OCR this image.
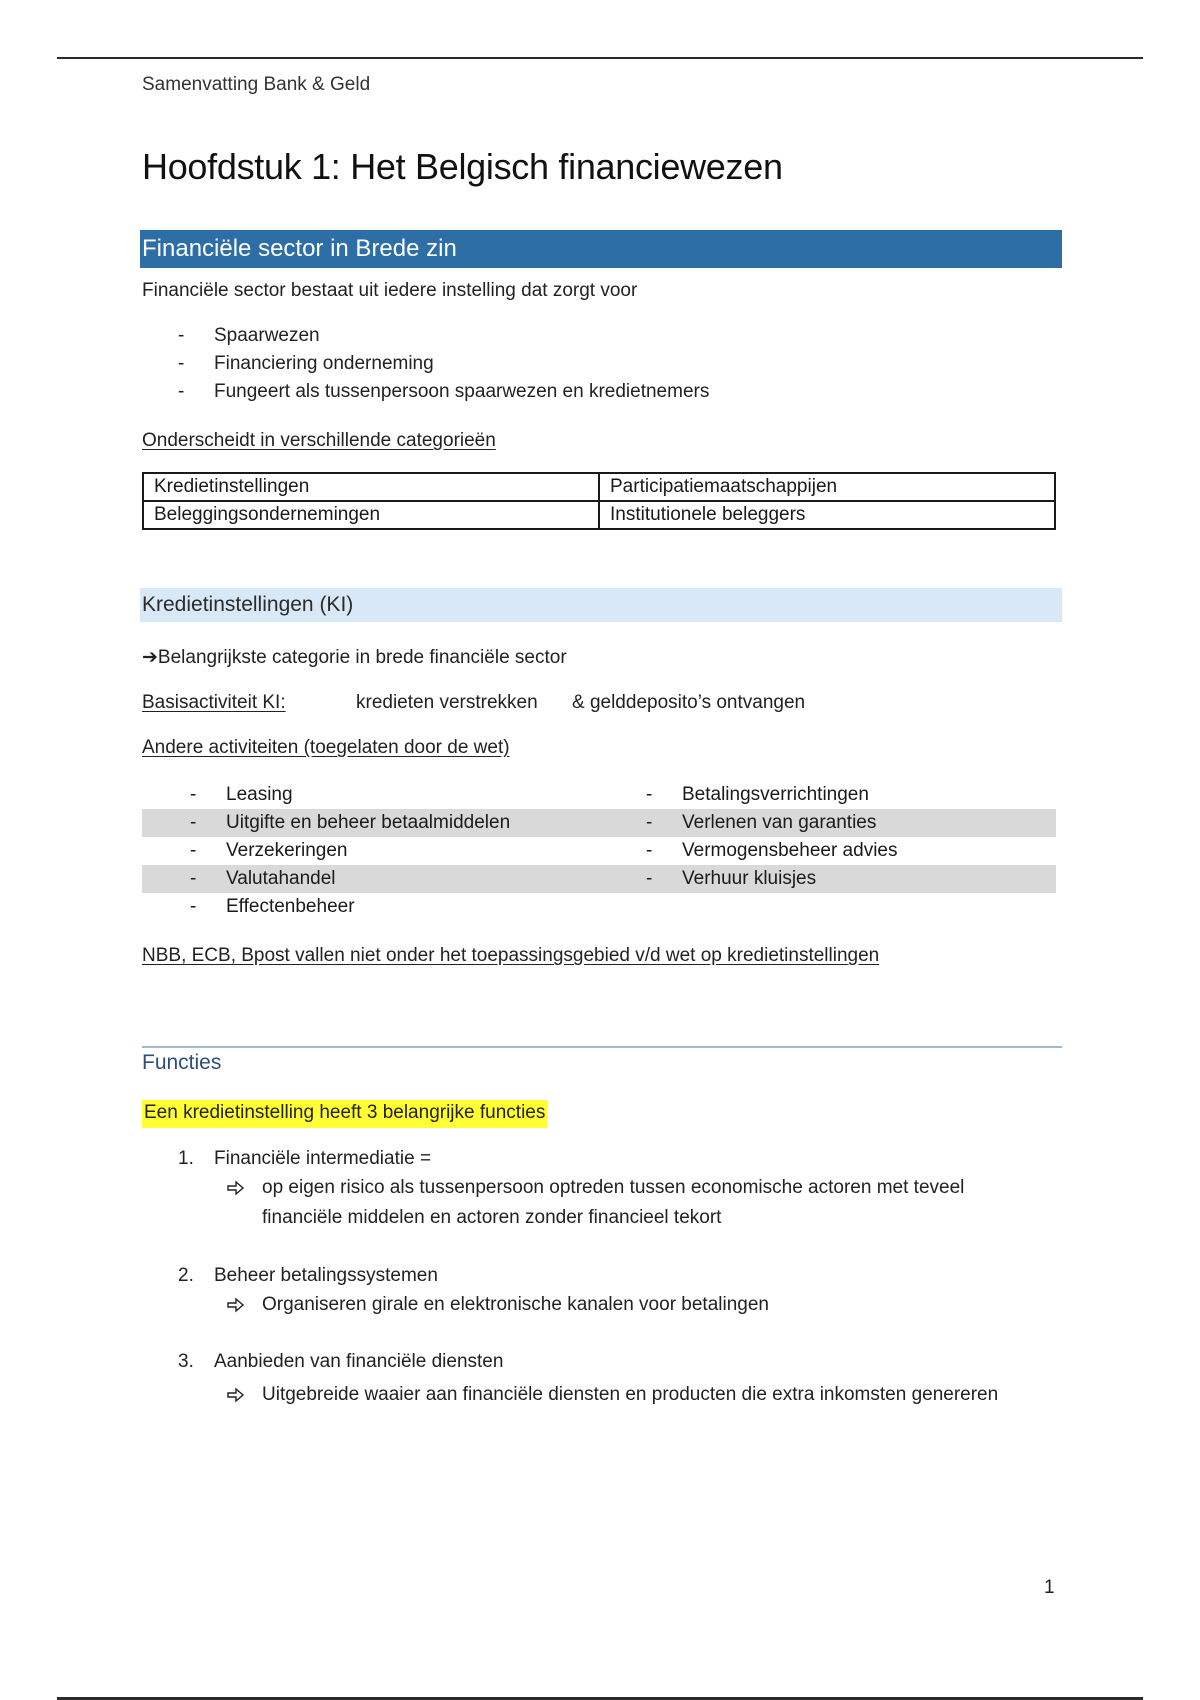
Samenvatting Bank & Geld
Hoofdstuk 1: Het Belgisch financiewezen
Financiële sector in Brede zin
Financiële sector bestaat uit iedere instelling dat zorgt voor
- Spaarwezen
- Financiering onderneming
- Fungeert als tussenpersoon spaarwezen en kredietnemers
Onderscheidt in verschillende categorieën
Kredietinstellingen	Participatiemaatschappijen
Beleggingsondernemingen	Institutionele beleggers
Kredietinstellingen (KI)
➔Belangrijkste categorie in brede financiële sector
Basisactiviteit KI:	kredieten verstrekken & gelddeposito’s ontvangen
Andere activiteiten (toegelaten door de wet)
- Leasing	- Betalingsverrichtingen
- Uitgifte en beheer betaalmiddelen	- Verlenen van garanties
- Verzekeringen	- Vermogensbeheer advies
- Valutahandel	- Verhuur kluisjes
- Effectenbeheer
NBB, ECB, Bpost vallen niet onder het toepassingsgebied v/d wet op kredietinstellingen
Functies
Een kredietinstelling heeft 3 belangrijke functies
1. Financiële intermediatie =
2. Beheer betalingssystemen
3. Aanbieden van financiële diensten
op eigen risico als tussenpersoon optreden tussen economische actoren met teveel financiële middelen en actoren zonder financieel tekort
Organiseren girale en elektronische kanalen voor betalingen
Uitgebreide waaier aan financiële diensten en producten die extra inkomsten genereren
1
